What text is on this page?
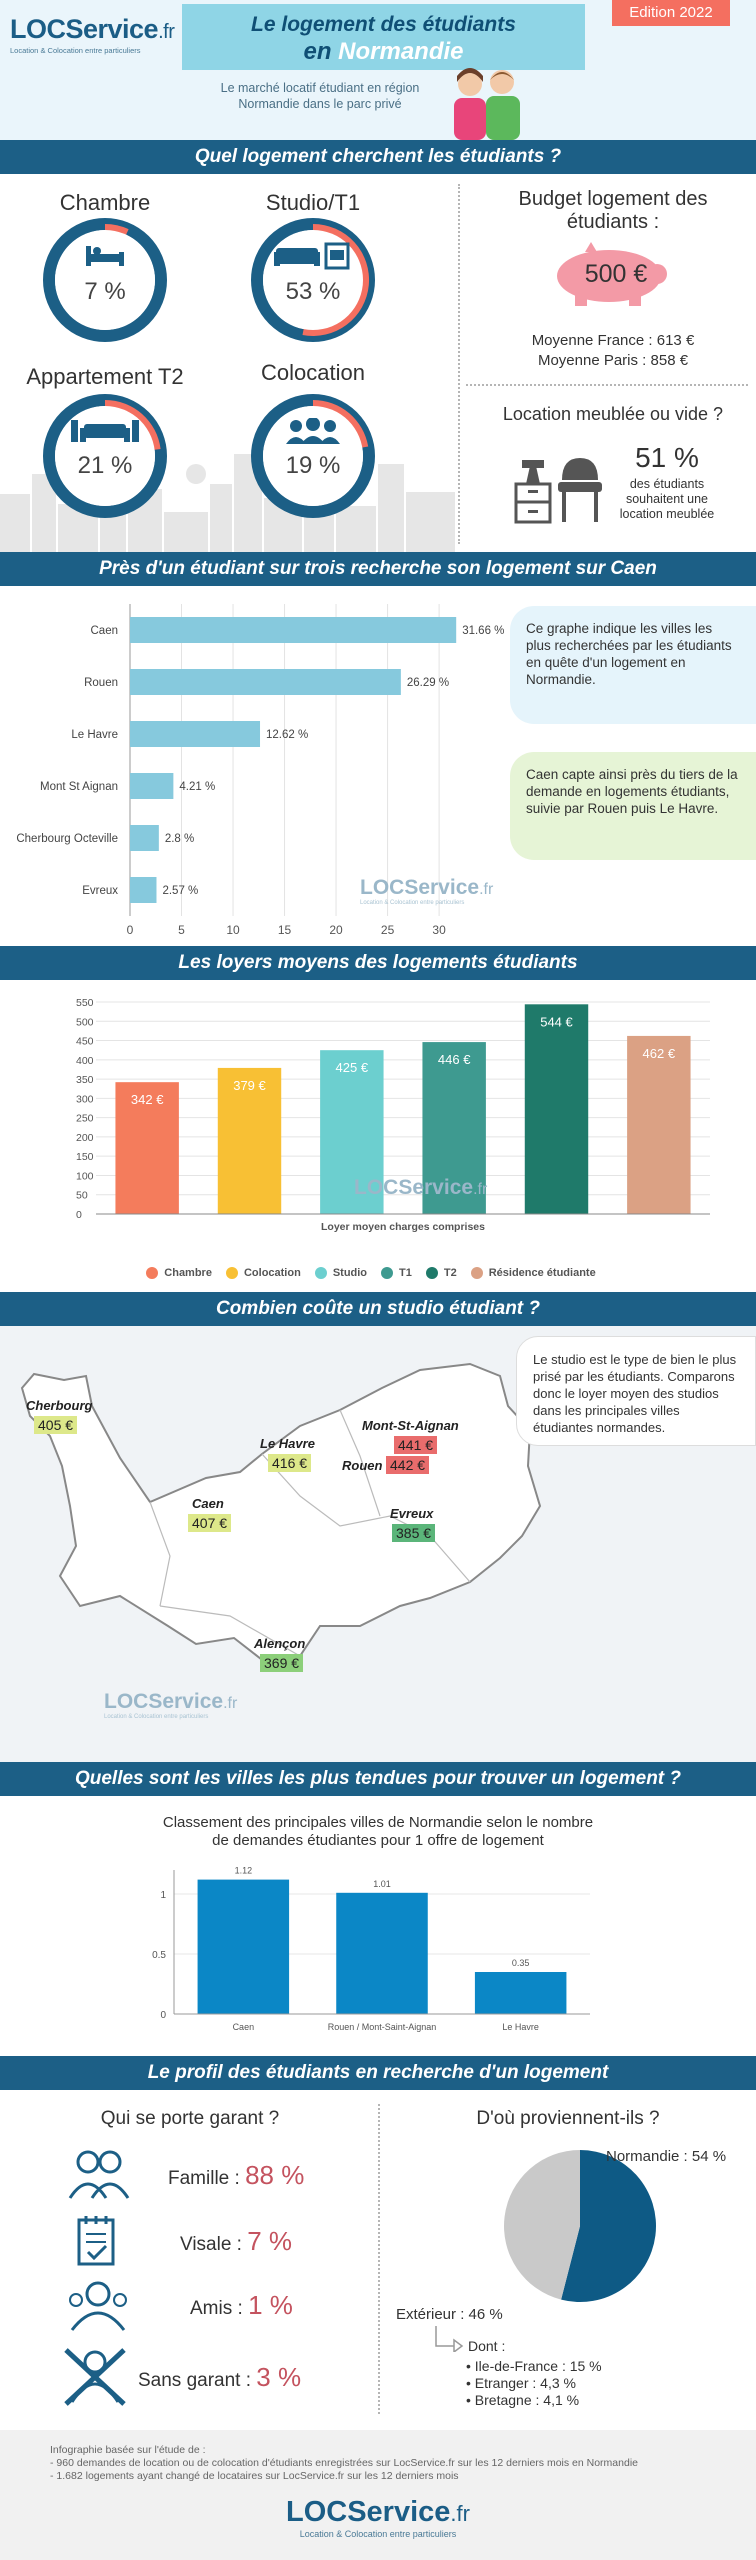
LOCService.fr
Location & Colocation entre particuliers
Le logement des étudiants
en Normandie
Le marché locatif étudiant en région
Normandie dans le parc privé
Edition 2022
Quel logement cherchent les étudiants ?
Chambre
7 %
Studio/T1
53 %
Appartement T2
21 %
Colocation
19 %
Budget logement des
étudiants :
500 €
Moyenne France : 613 €
Moyenne Paris : 858 €
Location meublée ou vide ?
51 %
des étudiants
souhaitent une
location meublée
Près d'un étudiant sur trois recherche son logement sur Caen
0	5	10	15	20	25	30
Caen	31.66 %
Rouen	26.29 %
Le Havre	12.62 %
Mont St Aignan	4.21 %
Cherbourg Octeville	2.8 %
Evreux	2.57 %	LOCService.fr
Location & Colocation entre particuliers
Ce graphe indique les villes les plus recherchées par les étudiants en quête d'un logement en Normandie.
Caen capte ainsi près du tiers de la demande en logements étudiants, suivie par Rouen puis Le Havre.
Les loyers moyens des logements étudiants
0
50
100
150
200
250
300
350
400
450
500
550
342 €
379 €
425 €
446 €
544 €
462 €
Loyer moyen charges comprises
LOCService.fr
Chambre	Colocation	Studio	T1	T2	Résidence étudiante
Combien coûte un studio étudiant ?
Le studio est le type de bien le plus prisé par les étudiants. Comparons donc le loyer moyen des studios dans les principales villes étudiantes normandes.
Cherbourg
405 €
Le Havre
416 €
Mont-St-Aignan
441 €
Rouen 442 €
Caen
407 €
Evreux
385 €
Alençon
369 €
LOCService.fr
Location & Colocation entre particuliers
Quelles sont les villes les plus tendues pour trouver un logement ?
Classement des principales villes de Normandie selon le nombre
de demandes étudiantes pour 1 offre de logement
0
0.5
1
1.12
Caen
1.01
Rouen / Mont-Saint-Aignan
0.35
Le Havre
Le profil des étudiants en recherche d'un logement
Qui se porte garant ?
Famille : 88 %
Visale : 7 %
Amis : 1 %
Sans garant : 3 %
D'où proviennent-ils ?
Normandie : 54 %
Extérieur : 46 %
Dont :
• Ile-de-France : 15 %
• Etranger : 4,3 %
• Bretagne : 4,1 %
Infographie basée sur l'étude de :
- 960 demandes de location ou de colocation d'étudiants enregistrées sur LocService.fr sur les 12 derniers mois en Normandie
- 1.682 logements ayant changé de locataires sur LocService.fr sur les 12 derniers mois
LOCService.fr
Location & Colocation entre particuliers
